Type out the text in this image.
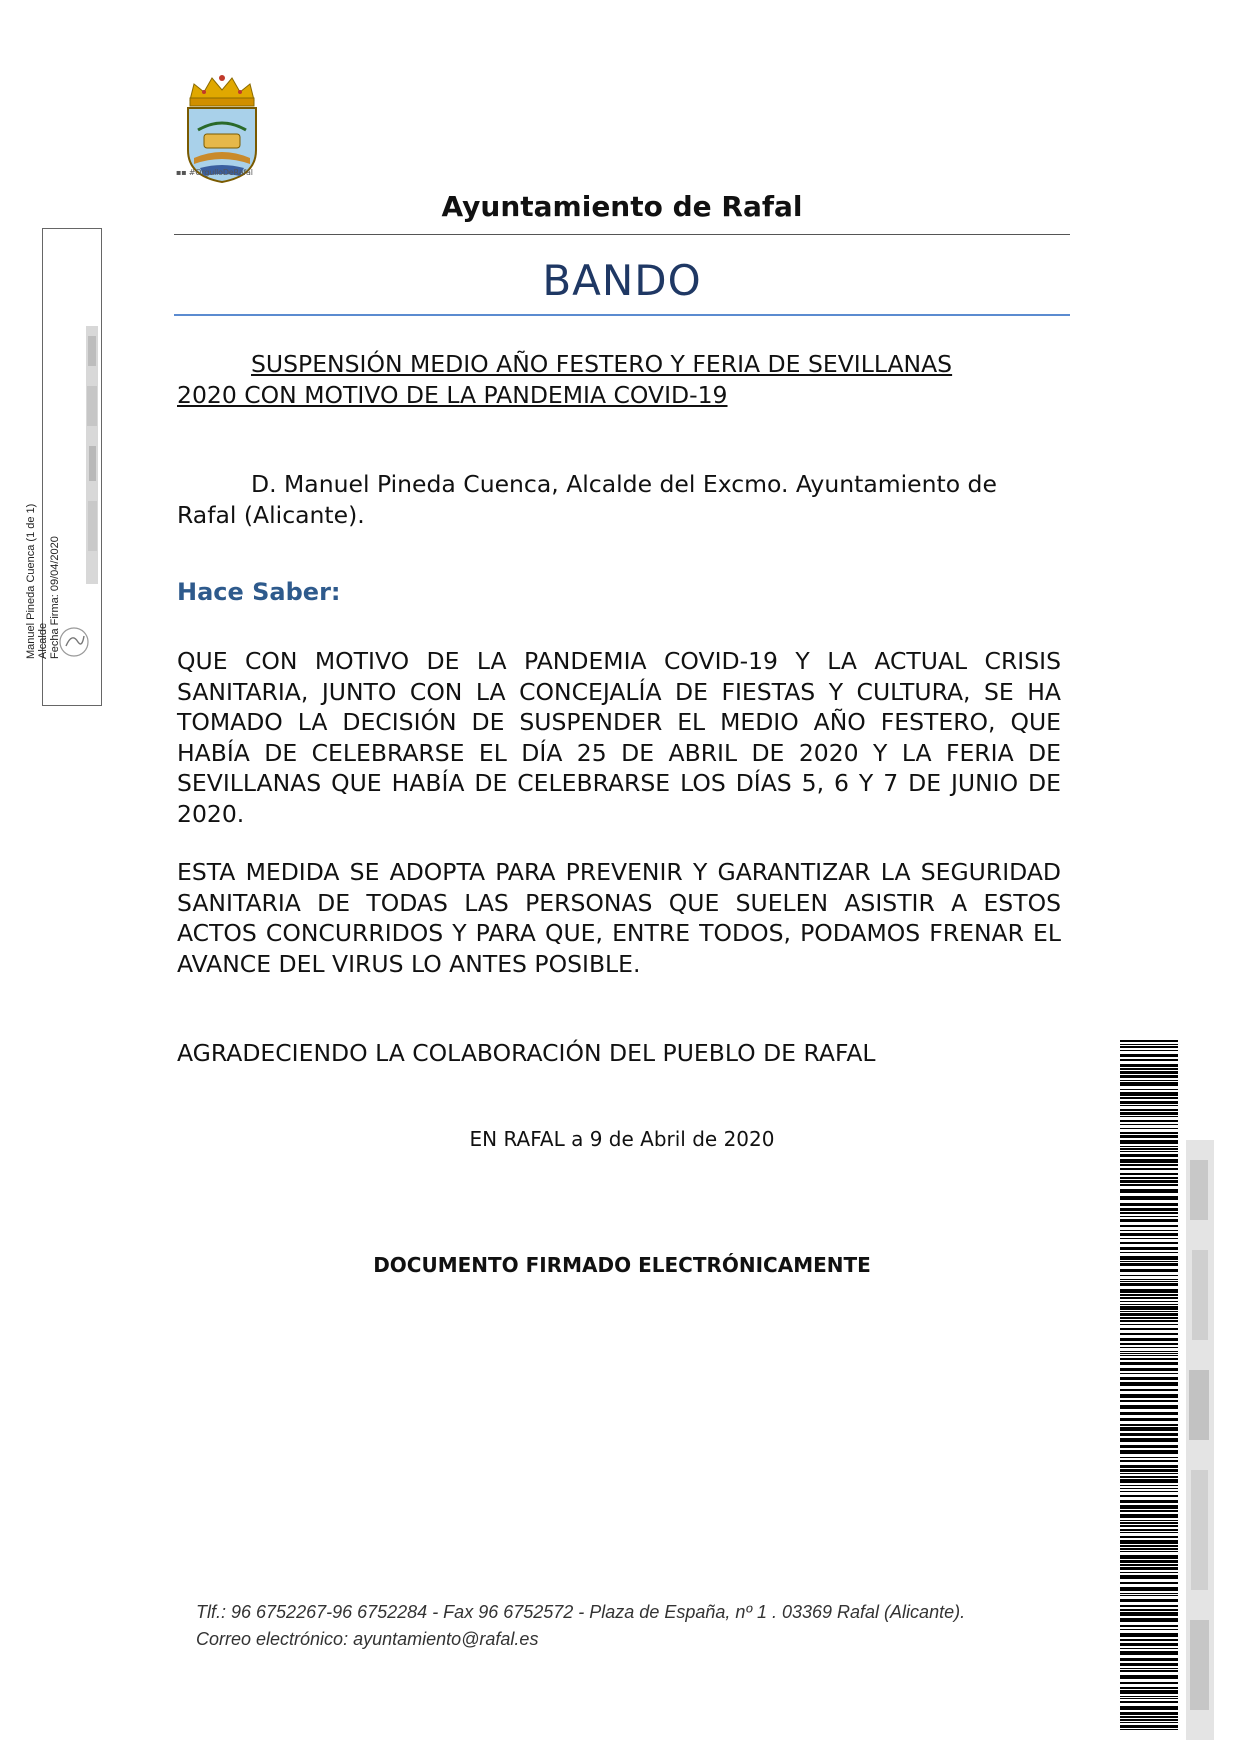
▪▪ #OrgulloDeRafal
Ayuntamiento de Rafal
BANDO
SUSPENSIÓN MEDIO AÑO FESTERO Y FERIA DE SEVILLANAS
2020 CON MOTIVO DE LA PANDEMIA COVID-19
D. Manuel Pineda Cuenca, Alcalde del Excmo. Ayuntamiento de
Rafal (Alicante).
Hace Saber:
QUE CON MOTIVO DE LA PANDEMIA COVID-19 Y LA ACTUAL CRISIS SANITARIA, JUNTO CON LA CONCEJALÍA DE FIESTAS Y CULTURA, SE HA TOMADO LA DECISIÓN DE SUSPENDER EL MEDIO AÑO FESTERO, QUE HABÍA DE CELEBRARSE EL DÍA 25 DE ABRIL DE 2020 Y LA FERIA DE SEVILLANAS QUE HABÍA DE CELEBRARSE LOS DÍAS 5, 6 Y 7 DE JUNIO DE 2020.
ESTA MEDIDA SE ADOPTA PARA PREVENIR Y GARANTIZAR LA SEGURIDAD SANITARIA DE TODAS LAS PERSONAS QUE SUELEN ASISTIR A ESTOS ACTOS CONCURRIDOS Y PARA QUE, ENTRE TODOS, PODAMOS FRENAR EL AVANCE DEL VIRUS LO ANTES POSIBLE.
AGRADECIENDO LA COLABORACIÓN DEL PUEBLO DE RAFAL
EN RAFAL a 9 de Abril de 2020
DOCUMENTO FIRMADO ELECTRÓNICAMENTE
Tlf.: 96 6752267-96 6752284 - Fax 96 6752572 - Plaza de España, nº 1 . 03369 Rafal (Alicante).
Correo electrónico: ayuntamiento@rafal.es
Manuel Pineda Cuenca (1 de 1) Alcalde Fecha Firma: 09/04/2020
